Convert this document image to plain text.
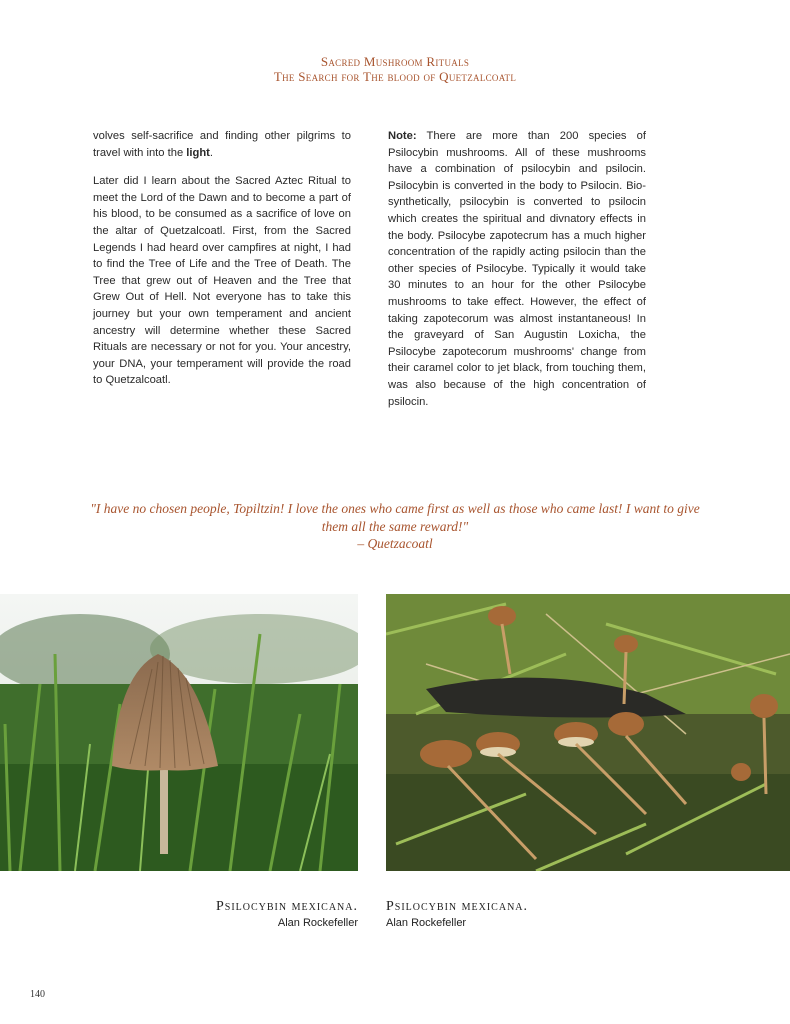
Sacred Mushroom Rituals
The Search for The blood of Quetzalcoatl

volves self-sacrifice and finding other pilgrims to travel with into the light.

Later did I learn about the Sacred Aztec Ritual to meet the Lord of the Dawn and to become a part of his blood, to be consumed as a sacrifice of love on the altar of Quetzalcoatl. First, from the Sacred Legends I had heard over campfires at night, I had to find the Tree of Life and the Tree of Death. The Tree that grew out of Heaven and the Tree that Grew Out of Hell. Not everyone has to take this journey but your own temperament and ancient ancestry will determine whether these Sacred Rituals are necessary or not for you. Your ancestry, your DNA, your temperament will provide the road to Quetzalcoatl.

Note: There are more than 200 species of Psilocybin mushrooms. All of these mushrooms have a combination of psilocybin and psilocin. Psilocybin is converted in the body to Psilocin. Bio-synthetically, psilocybin is converted to psilocin which creates the spiritual and divnatory effects in the body. Psilocybe zapotecrum has a much higher concentration of the rapidly acting psilocin than the other species of Psilocybe. Typically it would take 30 minutes to an hour for the other Psilocybe mushrooms to take effect. However, the effect of taking zapotecorum was almost instantaneous! In the graveyard of San Augustin Loxicha, the Psilocybe zapotecorum mushrooms' change from their caramel color to jet black, from touching them, was also because of the high concentration of psilocin.

"I have no chosen people, Topiltzin! I love the ones who came first as well as those who came last! I want to give them all the same reward!"
– Quetzacoatl
Psilocybin mexicana.
Alan Rockefeller
Psilocybin mexicana.
Alan Rockefeller
140
